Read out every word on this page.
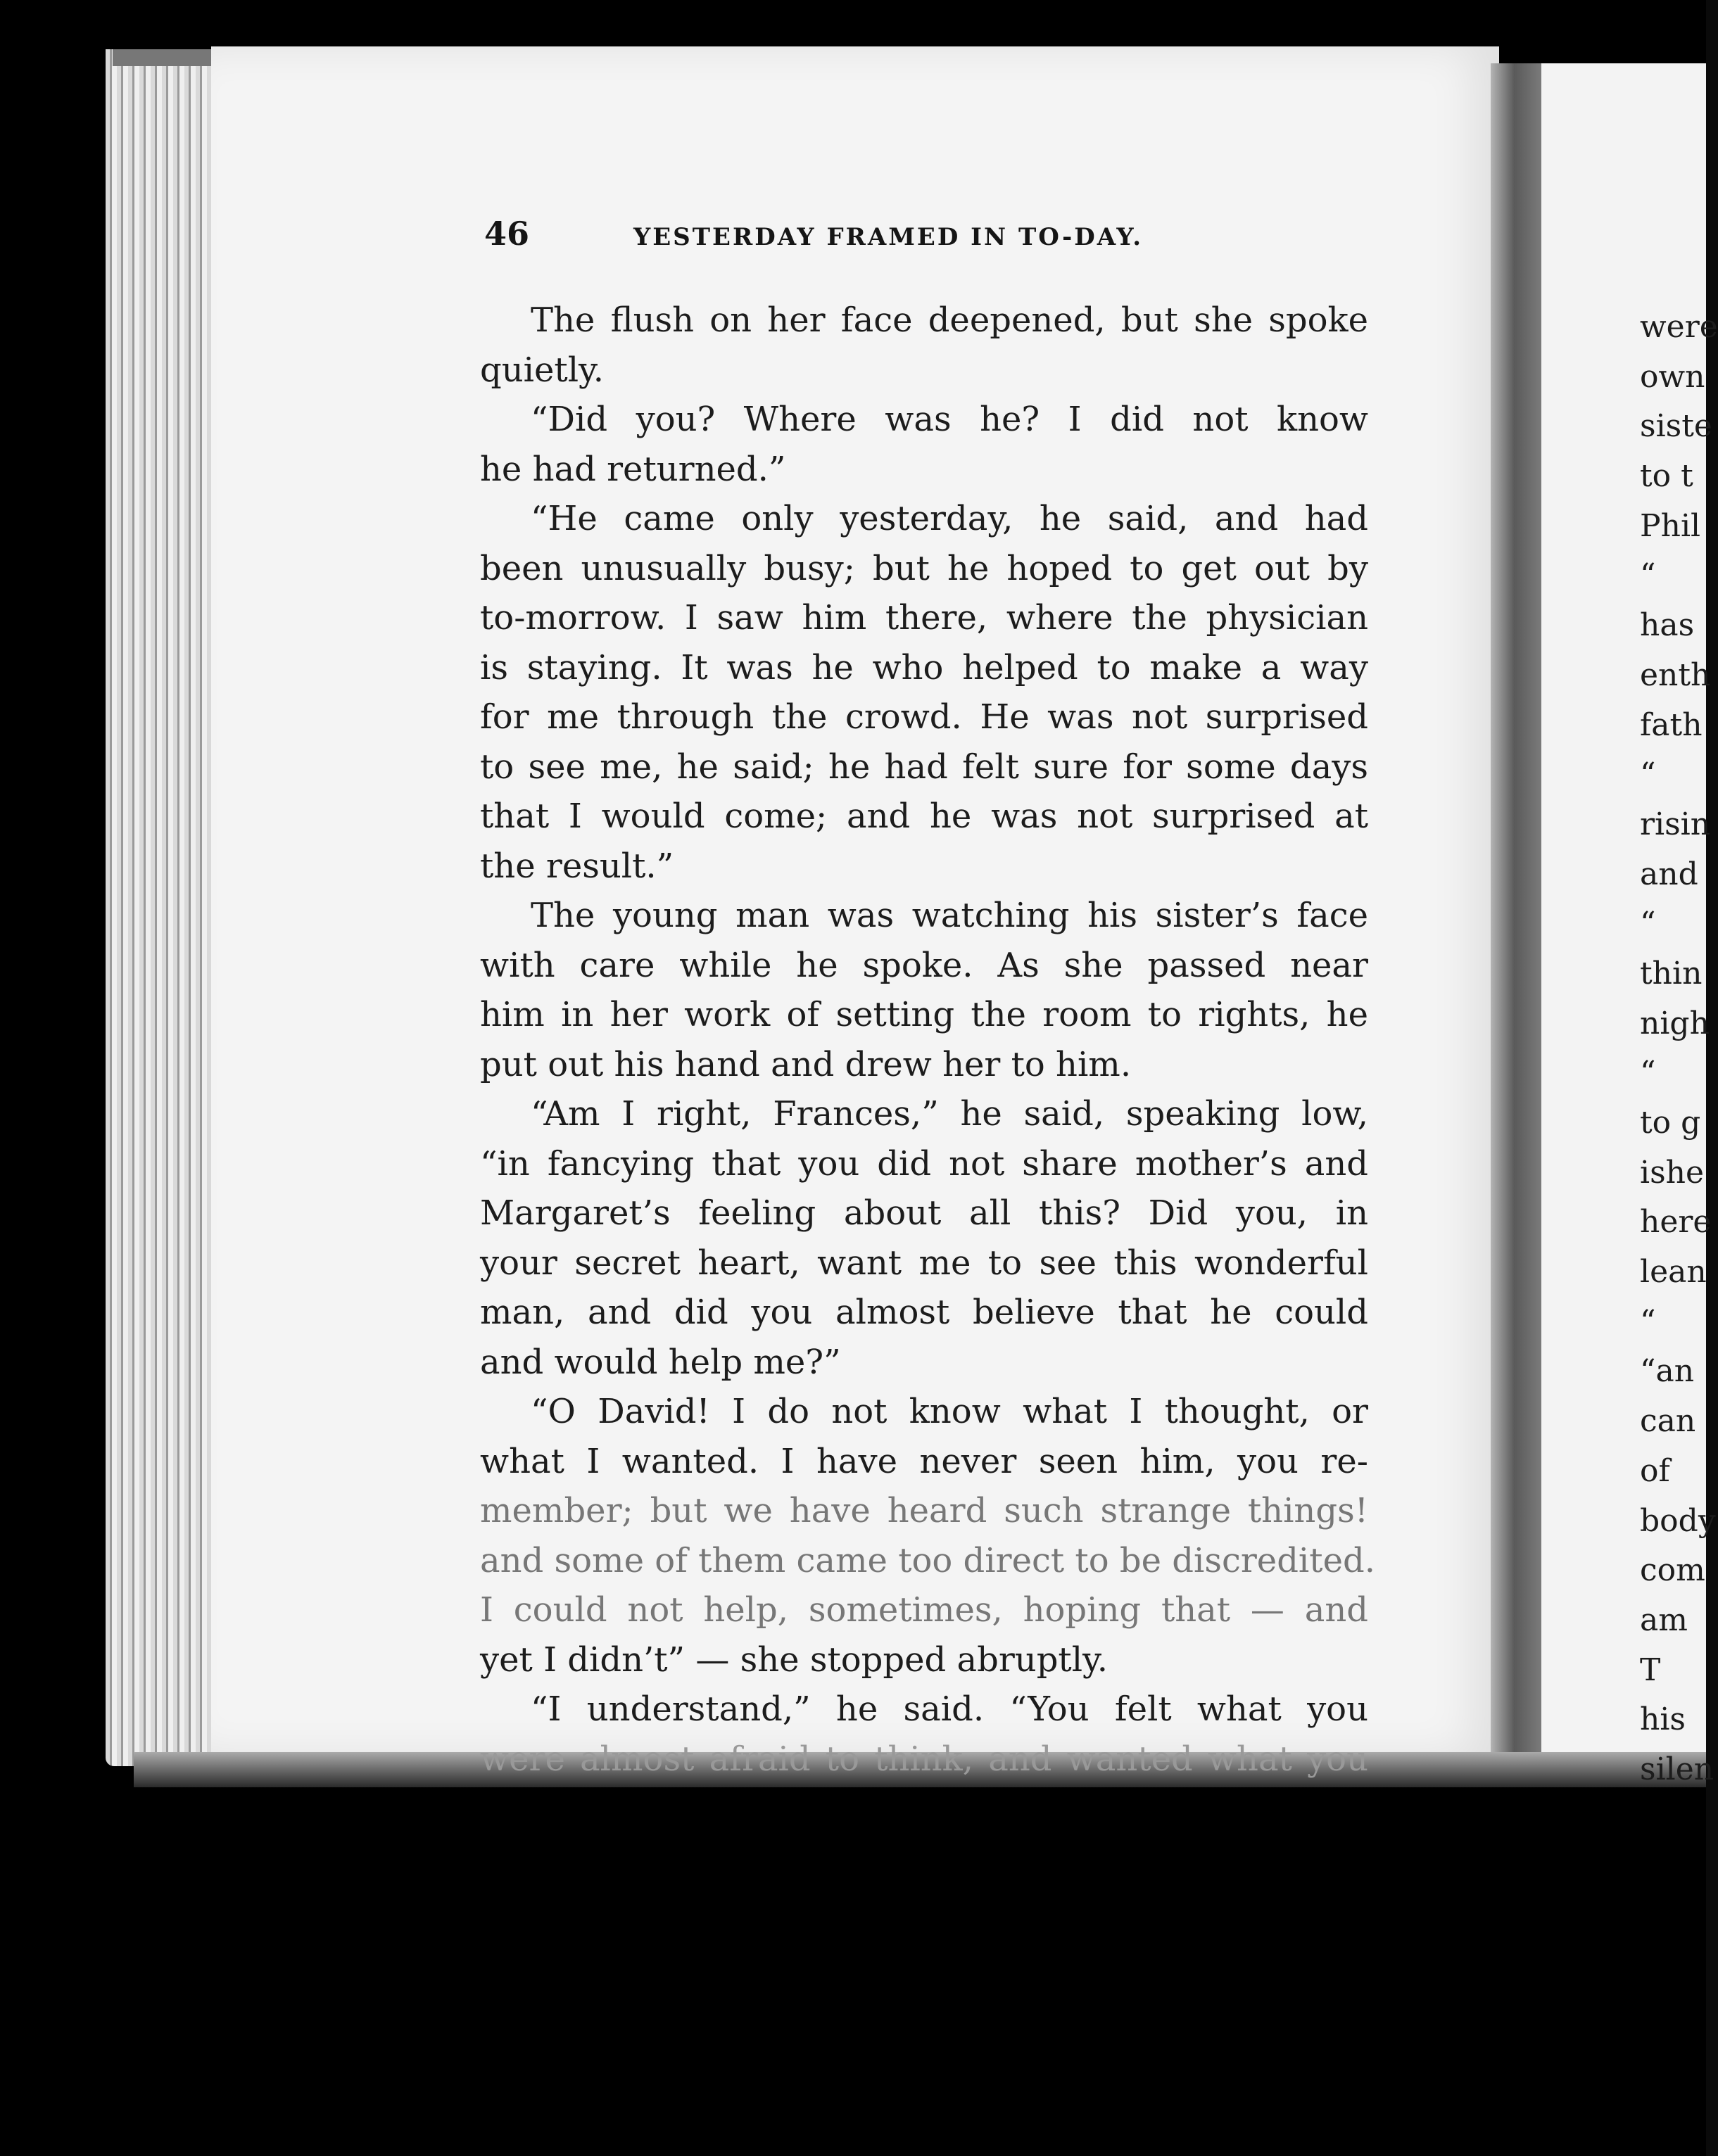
46	YESTERDAY FRAMED IN TO-DAY.
The flush on her face deepened, but she spoke
quietly.
“Did you? Where was he? I did not know
he had returned.”
“He came only yesterday, he said, and had
been unusually busy; but he hoped to get out by
to-morrow. I saw him there, where the physician
is staying. It was he who helped to make a way
for me through the crowd. He was not surprised
to see me, he said; he had felt sure for some days
that I would come; and he was not surprised at
the result.”
The young man was watching his sister’s face
with care while he spoke. As she passed near
him in her work of setting the room to rights, he
put out his hand and drew her to him.
“Am I right, Frances,” he said, speaking low,
“in fancying that you did not share mother’s and
Margaret’s feeling about all this? Did you, in
your secret heart, want me to see this wonderful
man, and did you almost believe that he could
and would help me?”
“O David! I do not know what I thought, or
what I wanted. I have never seen him, you re-
member; but we have heard such strange things!
and some of them came too direct to be discredited.
I could not help, sometimes, hoping that — and
yet I didn’t” — she stopped abruptly.
“I understand,” he said. “You felt what you
were almost afraid to think, and wanted what you
were
own
siste
to t
Phil
“
has
enth
fath
“
risin
and
“
thin
nigh
“
to g
ishe
here
lean
“
“an
can
of
body
com
am
T
his
silen
